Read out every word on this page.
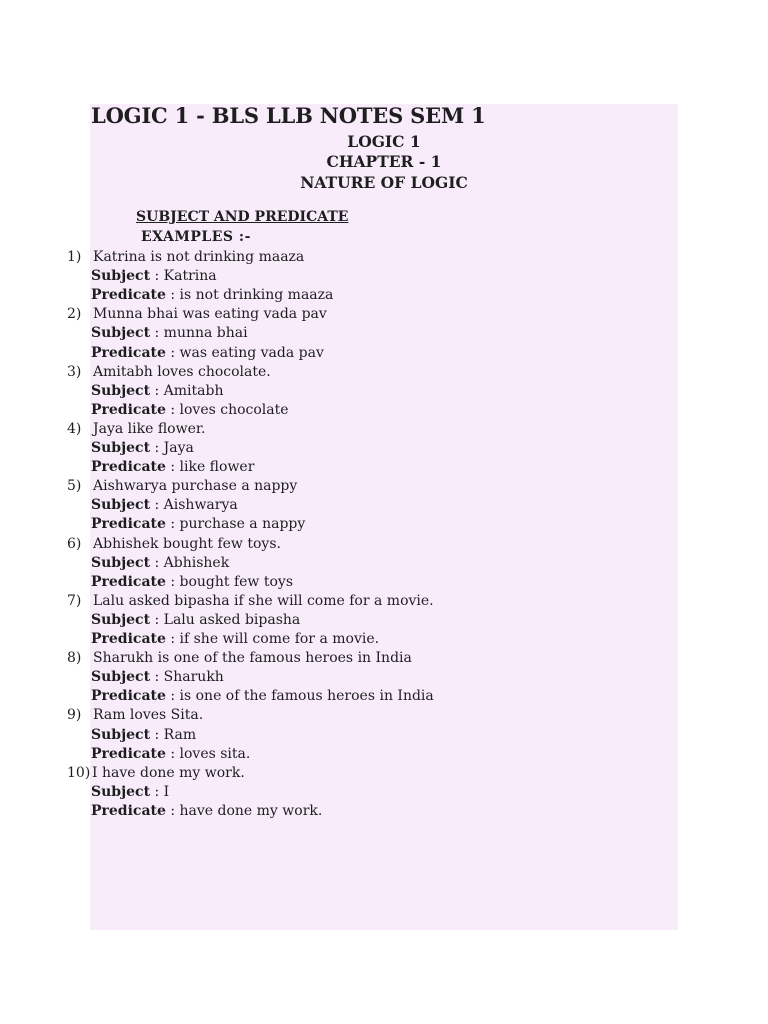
LOGIC 1 - BLS LLB NOTES SEM 1
LOGIC 1
CHAPTER - 1
NATURE OF LOGIC
SUBJECT AND PREDICATE
EXAMPLES :-
1) Katrina is not drinking maaza
Subject : Katrina
Predicate : is not drinking maaza
2) Munna bhai was eating vada pav
Subject : munna bhai
Predicate : was eating vada pav
3) Amitabh loves chocolate.
Subject : Amitabh
Predicate : loves chocolate
4) Jaya like flower.
Subject : Jaya
Predicate : like flower
5) Aishwarya purchase a nappy
Subject : Aishwarya
Predicate : purchase a nappy
6) Abhishek bought few toys.
Subject : Abhishek
Predicate : bought few toys
7) Lalu asked bipasha if she will come for a movie.
Subject : Lalu asked bipasha
Predicate : if she will come for a movie.
8) Sharukh is one of the famous heroes in India
Subject : Sharukh
Predicate : is one of the famous heroes in India
9) Ram loves Sita.
Subject : Ram
Predicate : loves sita.
10) I have done my work.
Subject : I
Predicate : have done my work.
